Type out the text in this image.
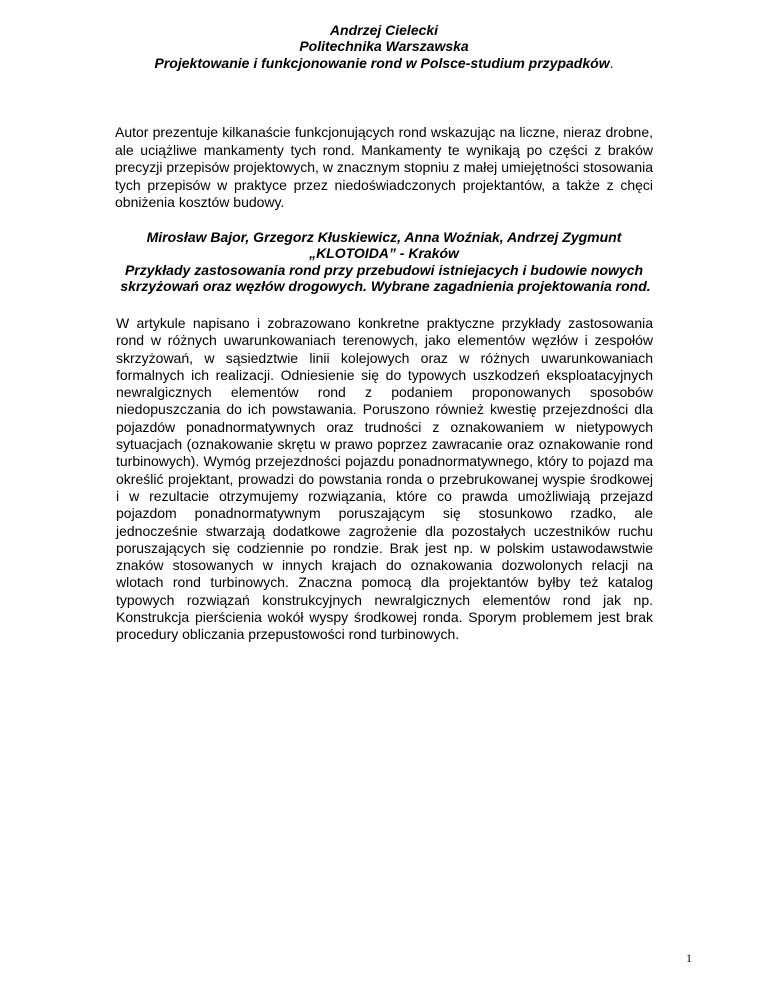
Andrzej Cielecki

Politechnika Warszawska

Projektowanie i funkcjonowanie rond w Polsce-studium przypadków.

Autor prezentuje kilkanaście funkcjonujących rond wskazując na liczne, nieraz drobne, ale uciążliwe mankamenty tych rond. Mankamenty te wynikają po części z braków precyzji przepisów projektowych, w znacznym stopniu z małej umiejętności stosowania tych przepisów w praktyce przez niedoświadczonych projektantów, a także z chęci obniżenia kosztów budowy.

Mirosław Bajor, Grzegorz Kłuskiewicz, Anna Woźniak, Andrzej Zygmunt

„KLOTOIDA” - Kraków

Przykłady zastosowania rond przy przebudowi istniejacych i budowie nowych

skrzyżowań oraz węzłów drogowych. Wybrane zagadnienia projektowania rond.

W artykule napisano i zobrazowano konkretne praktyczne przykłady zastosowania rond w różnych uwarunkowaniach terenowych, jako elementów węzłów i zespołów skrzyżowań, w sąsiedztwie linii kolejowych oraz w różnych uwarunkowaniach formalnych ich realizacji. Odniesienie się do typowych uszkodzeń eksploatacyjnych newralgicznych elementów rond z podaniem proponowanych sposobów niedopuszczania do ich powstawania. Poruszono również kwestię przejezdności dla pojazdów ponadnormatywnych oraz trudności z oznakowaniem w nietypowych sytuacjach (oznakowanie skrętu w prawo poprzez zawracanie oraz oznakowanie rond turbinowych). Wymóg przejezdności pojazdu ponadnormatywnego, który to pojazd ma określić projektant, prowadzi do powstania ronda o przebrukowanej wyspie środkowej i w rezultacie otrzymujemy rozwiązania, które co prawda umożliwiają przejazd pojazdom ponadnormatywnym poruszającym się stosunkowo rzadko, ale jednocześnie stwarzają dodatkowe zagrożenie dla pozostałych uczestników ruchu poruszających się codziennie po rondzie. Brak jest np. w polskim ustawodawstwie znaków stosowanych w innych krajach do oznakowania dozwolonych relacji na wlotach rond turbinowych. Znaczna pomocą dla projektantów byłby też katalog typowych rozwiązań konstrukcyjnych newralgicznych elementów rond jak np. Konstrukcja pierścienia wokół wyspy środkowej ronda. Sporym problemem jest brak procedury obliczania przepustowości rond turbinowych.

1
